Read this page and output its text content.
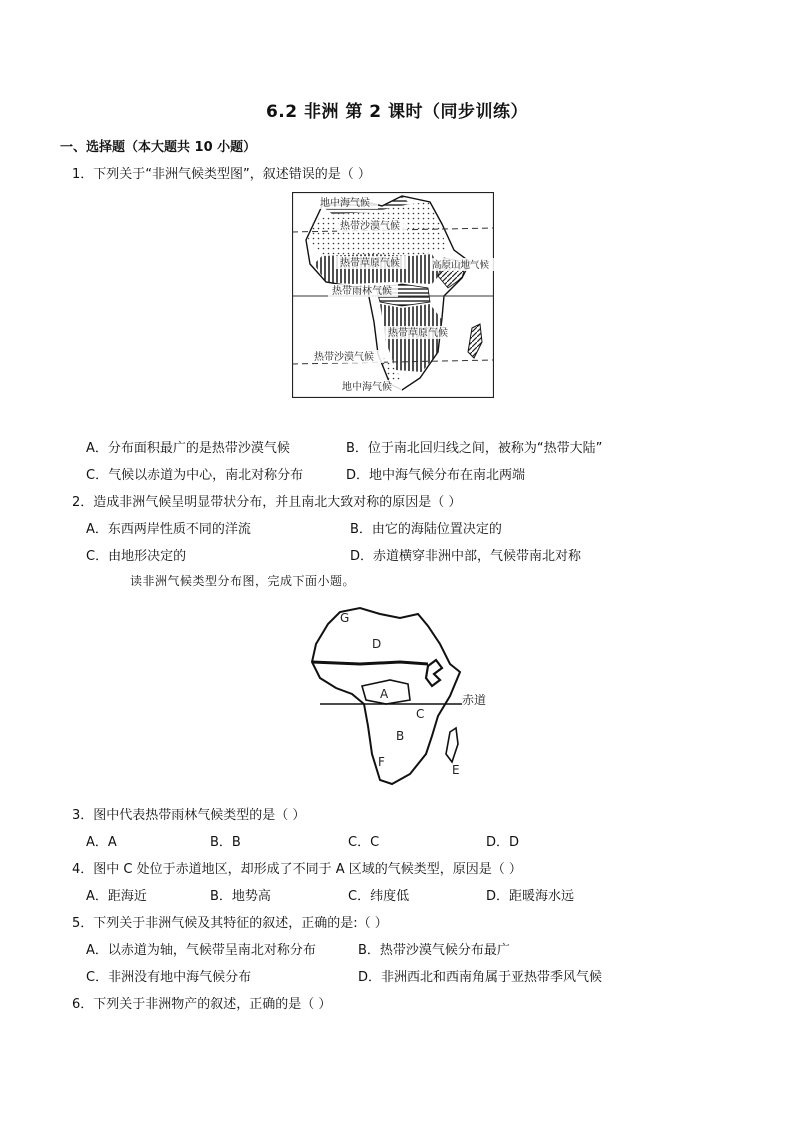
6.2 非洲 第 2 课时（同步训练）
一、选择题（本大题共 10 小题）
1．下列关于“非洲气候类型图”，叙述错误的是（ ）
地中海气候
热带沙漠气候
热带草原气候	高原山地气候
热带雨林气候
热带草原气候
热带沙漠气候
地中海气候
A．分布面积最广的是热带沙漠气候	B．位于南北回归线之间，被称为“热带大陆”
C．气候以赤道为中心，南北对称分布	D．地中海气候分布在南北两端
2．造成非洲气候呈明显带状分布，并且南北大致对称的原因是（ ）
A．东西两岸性质不同的洋流	B．由它的海陆位置决定的
C．由地形决定的	D．赤道横穿非洲中部，气候带南北对称
读非洲气候类型分布图，完成下面小题。
G
D
A	赤道
C
B
F
E
3．图中代表热带雨林气候类型的是（ ）
A．A	B．B	C．C	D．D
4．图中 C 处位于赤道地区，却形成了不同于 A 区域的气候类型，原因是（ ）
A．距海近	B．地势高	C．纬度低	D．距暖海水远
5．下列关于非洲气候及其特征的叙述，正确的是:（ ）
A．以赤道为轴，气候带呈南北对称分布	B．热带沙漠气候分布最广
C．非洲没有地中海气候分布	D．非洲西北和西南角属于亚热带季风气候
6．下列关于非洲物产的叙述，正确的是（ ）
